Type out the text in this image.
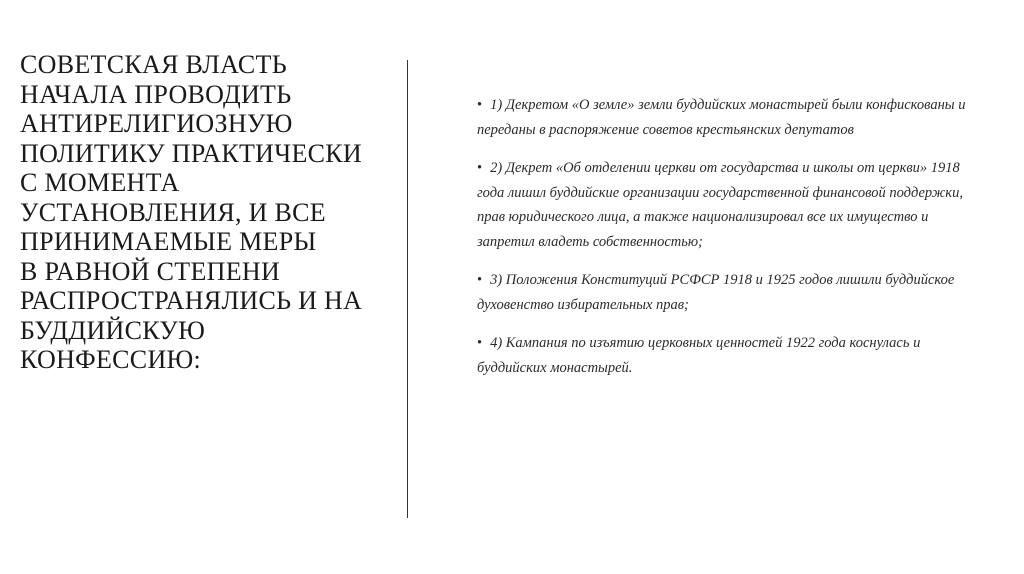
СОВЕТСКАЯ ВЛАСТЬ
НАЧАЛА ПРОВОДИТЬ
АНТИРЕЛИГИОЗНУЮ
ПОЛИТИКУ ПРАКТИЧЕСКИ
С МОМЕНТА
УСТАНОВЛЕНИЯ, И ВСЕ
ПРИНИМАЕМЫЕ МЕРЫ
В РАВНОЙ СТЕПЕНИ
РАСПРОСТРАНЯЛИСЬ И НА
БУДДИЙСКУЮ
КОНФЕССИЮ:
• 1) Декретом «О земле» земли буддийских монастырей были конфискованы и переданы в распоряжение советов крестьянских депутатов
• 2) Декрет «Об отделении церкви от государства и школы от церкви» 1918 года лишил буддийские организации государственной финансовой поддержки, прав юридического лица, а также национализировал все их имущество и запретил владеть собственностью;
• 3) Положения Конституций РСФСР 1918 и 1925 годов лишили буддийское духовенство избирательных прав;
• 4) Кампания по изъятию церковных ценностей 1922 года коснулась и буддийских монастырей.
